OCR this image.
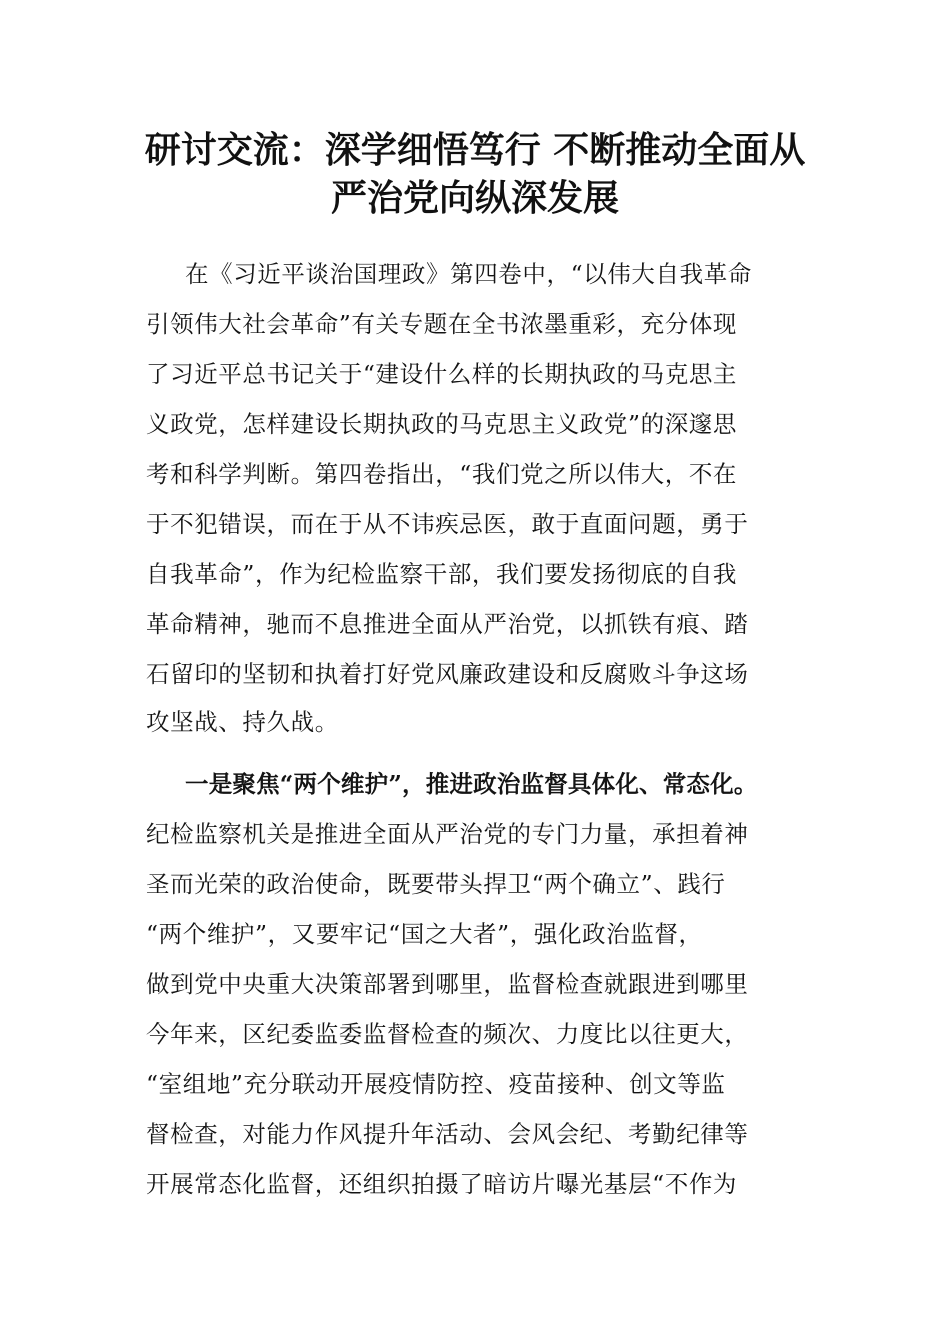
研讨交流：深学细悟笃行 不断推动全面从
严治党向纵深发展
在《习近平谈治国理政》第四卷中，“以伟大自我革命
引领伟大社会革命”有关专题在全书浓墨重彩，充分体现
了习近平总书记关于“建设什么样的长期执政的马克思主
义政党，怎样建设长期执政的马克思主义政党”的深邃思
考和科学判断。第四卷指出，“我们党之所以伟大，不在
于不犯错误，而在于从不讳疾忌医，敢于直面问题，勇于
自我革命”，作为纪检监察干部，我们要发扬彻底的自我
革命精神，驰而不息推进全面从严治党，以抓铁有痕、踏
石留印的坚韧和执着打好党风廉政建设和反腐败斗争这场
攻坚战、持久战。
一是聚焦“两个维护”，推进政治监督具体化、常态化。
纪检监察机关是推进全面从严治党的专门力量，承担着神
圣而光荣的政治使命，既要带头捍卫“两个确立”、践行
“两个维护”，又要牢记“国之大者”，强化政治监督，
做到党中央重大决策部署到哪里，监督检查就跟进到哪里
今年来，区纪委监委监督检查的频次、力度比以往更大，
“室组地”充分联动开展疫情防控、疫苗接种、创文等监
督检查，对能力作风提升年活动、会风会纪、考勤纪律等
开展常态化监督，还组织拍摄了暗访片曝光基层“不作为
